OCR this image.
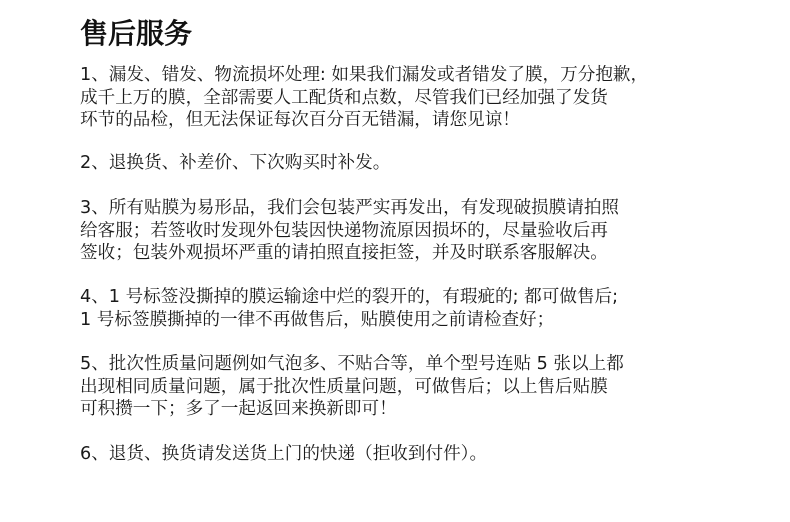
售后服务

1、漏发、错发、物流损坏处理: 如果我们漏发或者错发了膜，万分抱歉，
成千上万的膜，全部需要人工配货和点数，尽管我们已经加强了发货
环节的品检，但无法保证每次百分百无错漏，请您见谅！

2、退换货、补差价、下次购买时补发。

3、所有贴膜为易形品，我们会包装严实再发出，有发现破损膜请拍照
给客服；若签收时发现外包装因快递物流原因损坏的，尽量验收后再
签收；包装外观损坏严重的请拍照直接拒签，并及时联系客服解决。

4、1 号标签没撕掉的膜运输途中烂的裂开的，有瑕疵的; 都可做售后;
1 号标签膜撕掉的一律不再做售后，贴膜使用之前请检查好；

5、批次性质量问题例如气泡多、不贴合等，单个型号连贴 5 张以上都
出现相同质量问题，属于批次性质量问题，可做售后；以上售后贴膜
可积攒一下；多了一起返回来换新即可！

6、退货、换货请发送货上门的快递（拒收到付件）。
